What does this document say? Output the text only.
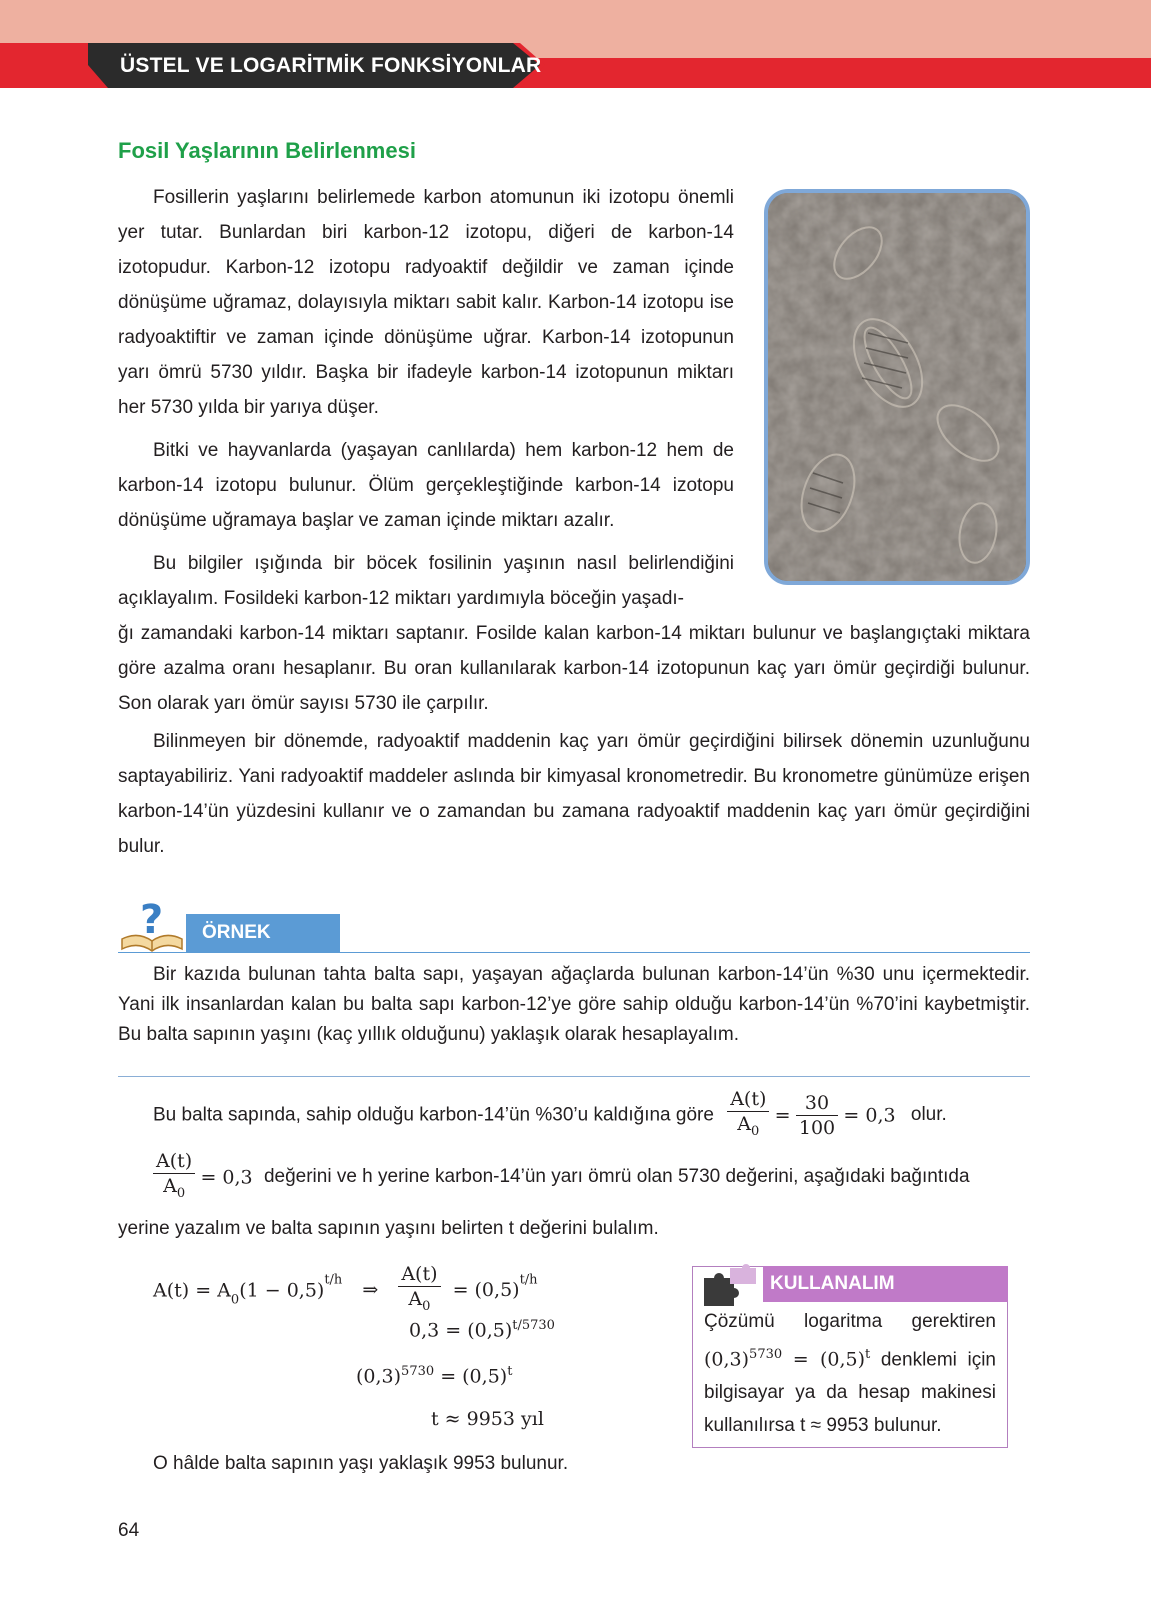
ÜSTEL VE LOGARİTMİK FONKSİYONLAR
Fosil Yaşlarının Belirlenmesi
Fosillerin yaşlarını belirlemede karbon atomunun iki izotopu önemli yer tutar. Bunlardan biri karbon-12 izotopu, diğeri de karbon-14 izotopudur. Karbon-12 izotopu radyoaktif değildir ve zaman içinde dönüşüme uğramaz, dolayısıyla miktarı sabit kalır. Karbon-14 izotopu ise radyoaktiftir ve zaman içinde dönüşüme uğrar. Karbon-14 izotopunun yarı ömrü 5730 yıldır. Başka bir ifadeyle karbon-14 izotopunun miktarı her 5730 yılda bir yarıya düşer.
Bitki ve hayvanlarda (yaşayan canlılarda) hem karbon-12 hem de karbon-14 izotopu bulunur. Ölüm gerçekleştiğinde karbon-14 izotopu dönüşüme uğramaya başlar ve zaman içinde miktarı azalır.
Bu bilgiler ışığında bir böcek fosilinin yaşının nasıl belirlendiğini açıklayalım. Fosildeki karbon-12 miktarı yardımıyla böceğin yaşadı-
ğı zamandaki karbon-14 miktarı saptanır. Fosilde kalan karbon-14 miktarı bulunur ve başlangıçtaki miktara göre azalma oranı hesaplanır. Bu oran kullanılarak karbon-14 izotopunun kaç yarı ömür geçirdiği bulunur. Son olarak yarı ömür sayısı 5730 ile çarpılır.
Bilinmeyen bir dönemde, radyoaktif maddenin kaç yarı ömür geçirdiğini bilirsek dönemin uzunluğunu saptayabiliriz. Yani radyoaktif maddeler aslında bir kimyasal kronometredir. Bu kronometre günümüze erişen karbon-14’ün yüzdesini kullanır ve o zamandan bu zamana radyoaktif maddenin kaç yarı ömür geçirdiğini bulur.
? ÖRNEK
Bir kazıda bulunan tahta balta sapı, yaşayan ağaçlarda bulunan karbon-14’ün %30 unu içermektedir. Yani ilk insanlardan kalan bu balta sapı karbon-12’ye göre sahip olduğu karbon-14’ün %70’ini kaybetmiştir. Bu balta sapının yaşını (kaç yıllık olduğunu) yaklaşık olarak hesaplayalım.
Bu balta sapında, sahip olduğu karbon-14’ün %30’u kaldığına göre $\frac{A(t)}{A_0} = \frac{30}{100} = 0,3$ olur.
$\frac{A(t)}{A_0} = 0,3$ değerini ve h yerine karbon-14’ün yarı ömrü olan 5730 değerini, aşağıdaki bağıntıda
yerine yazalım ve balta sapının yaşını belirten t değerini bulalım.
$A(t) = A_0(1 - 0,5)^{t/h}$ ⇒ $\frac{A(t)}{A_0} = (0,5)^{t/h}$
$0,3 = (0,5)^{t/5730}$
$(0,3)^{5730} = (0,5)^t$
t ≈ 9953 yıl
O hâlde balta sapının yaşı yaklaşık 9953 bulunur.
KULLANALIM
Çözümü logaritma gerektiren
$(0,3)^{5730} = (0,5)^t$ denklemi için
bilgisayar ya da hesap makinesi
kullanılırsa t ≈ 9953 bulunur.
64
